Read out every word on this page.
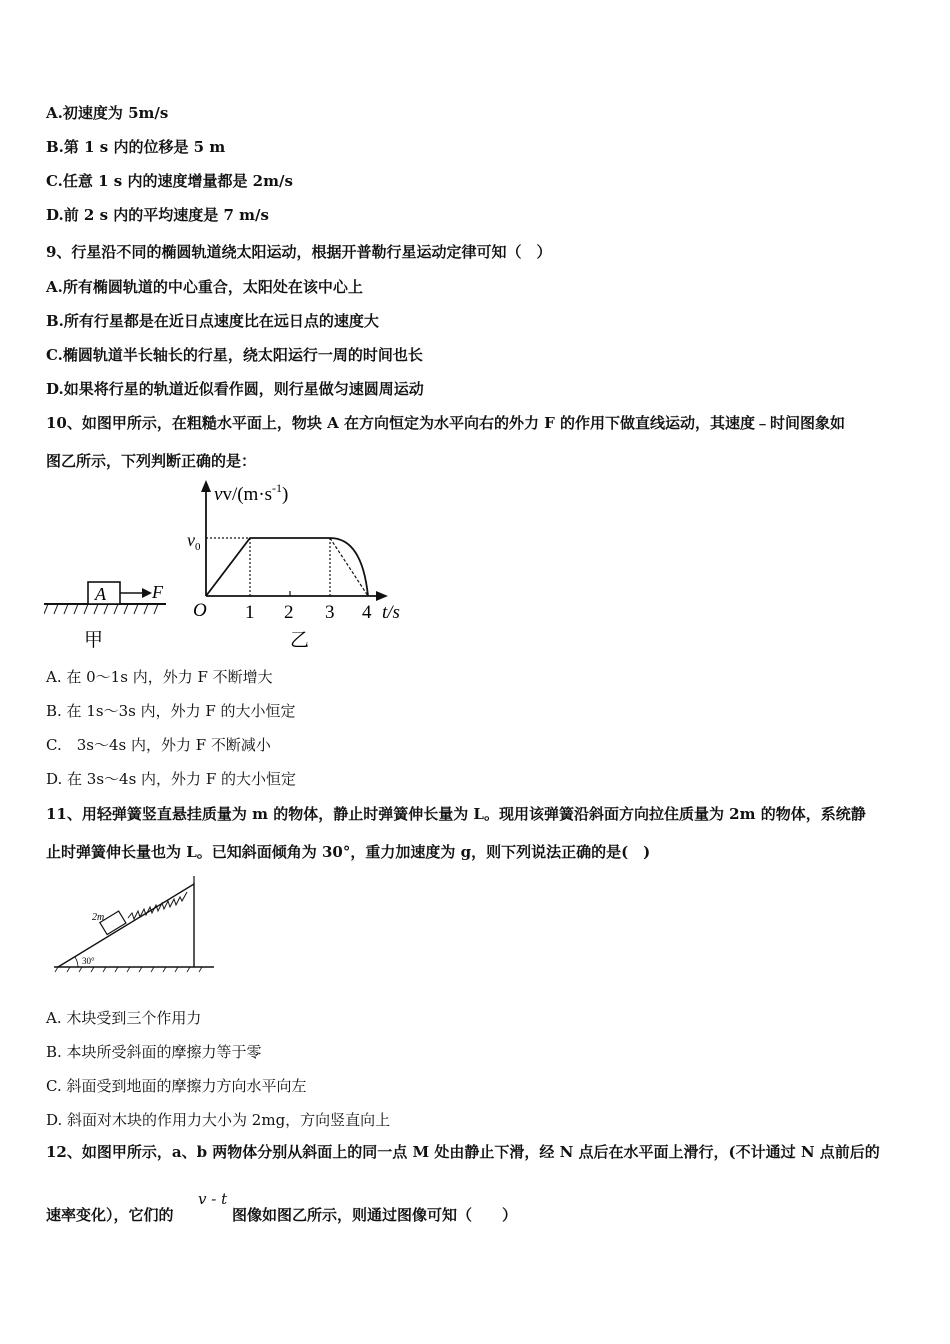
A.初速度为 5m/s
B.第 1 s 内的位移是 5 m
C.任意 1 s 内的速度增量都是 2m/s
D.前 2 s 内的平均速度是 7 m/s
9、行星沿不同的椭圆轨道绕太阳运动，根据开普勒行星运动定律可知（　）
A.所有椭圆轨道的中心重合，太阳处在该中心上
B.所有行星都是在近日点速度比在远日点的速度大
C.椭圆轨道半长轴长的行星，绕太阳运行一周的时间也长
D.如果将行星的轨道近似看作圆，则行星做匀速圆周运动
10、如图甲所示，在粗糙水平面上，物块 A 在方向恒定为水平向右的外力 F 的作用下做直线运动，其速度﹣时间图象如
图乙所示，下列判断正确的是：
A	F
甲
$vv/(m\cdot s^{-1})$
$v_0$
O 1 2 3 4 t/s
乙
A. 在 0～1s 内，外力 F 不断增大
B. 在 1s～3s 内，外力 F 的大小恒定
C.　3s～4s 内，外力 F 不断减小
D. 在 3s～4s 内，外力 F 的大小恒定
11、用轻弹簧竖直悬挂质量为 m 的物体，静止时弹簧伸长量为 L。现用该弹簧沿斜面方向拉住质量为 2m 的物体，系统静
止时弹簧伸长量也为 L。已知斜面倾角为 30°，重力加速度为 g，则下列说法正确的是(　)
30°
2m
A. 木块受到三个作用力
B. 本块所受斜面的摩擦力等于零
C. 斜面受到地面的摩擦力方向水平向左
D. 斜面对木块的作用力大小为 2mg，方向竖直向上
12、如图甲所示，a、b 两物体分别从斜面上的同一点 M 处由静止下滑，经 N 点后在水平面上滑行，(不计通过 N 点前后的
速率变化），它们的
v - t
图像如图乙所示，则通过图像可知（　　）
